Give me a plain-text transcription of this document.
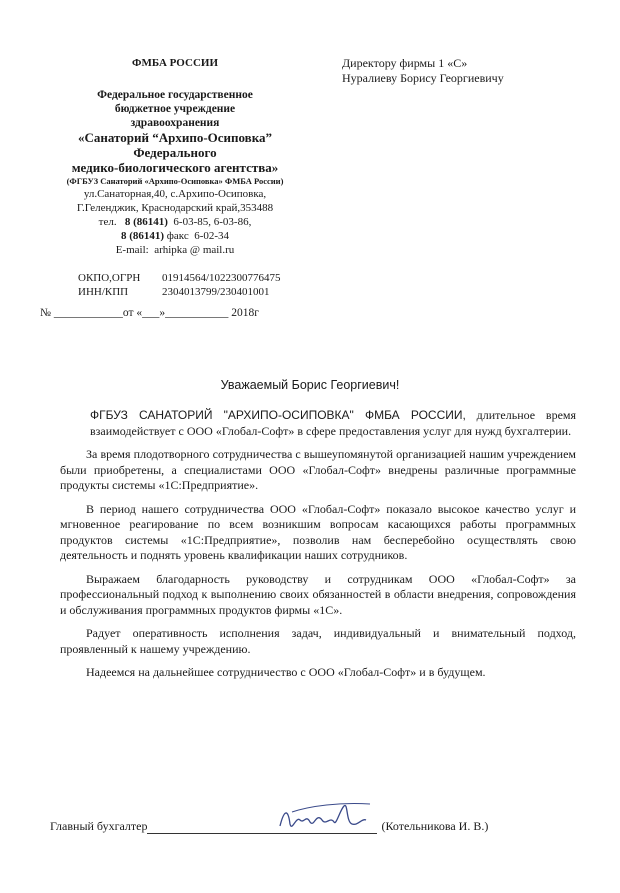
ФМБА РОССИИ
Федеральное государственное
бюджетное учреждение
здравоохранения
«Санаторий “Архипо-Осиповка”
Федерального
медико-биологического агентства»
(ФГБУЗ Санаторий «Архипо-Осиповка» ФМБА России)
ул.Санаторная,40, с.Архипо-Осиповка,
Г.Геленджик, Краснодарский край,353488
тел. 8 (86141) 6-03-85, 6-03-86,
8 (86141) факс 6-02-34
E-mail: arhipka @ mail.ru
ОКПО,ОГРН 01914564/1022300776475
ИНН/КПП	2304013799/230401001
№ ____________от «___»___________ 2018г
Директору фирмы 1 «С»
Нуралиеву Борису Георгиевичу
Уважаемый Борис Георгиевич!

ФГБУЗ САНАТОРИЙ "АРХИПО-ОСИПОВКА" ФМБА РОССИИ, длительное время взаимодействует с ООО «Глобал-Софт» в сфере предоставления услуг для нужд бухгалтерии.

За время плодотворного сотрудничества с вышеупомянутой организацией нашим учреждением были приобретены, а специалистами ООО «Глобал-Софт» внедрены различные программные продукты системы «1С:Предприятие».

В период нашего сотрудничества ООО «Глобал-Софт» показало высокое качество услуг и мгновенное реагирование по всем возникшим вопросам касающихся работы программных продуктов системы «1С:Предприятие», позволив нам бесперебойно осуществлять свою деятельность и поднять уровень квалификации наших сотрудников.

Выражаем благодарность руководству и сотрудникам ООО «Глобал-Софт» за профессиональный подход к выполнению своих обязанностей в области внедрения, сопровождения и обслуживания программных продуктов фирмы «1С».

Радует оперативность исполнения задач, индивидуальный и внимательный подход, проявленный к нашему учреждению.

Надеемся на дальнейшее сотрудничество с ООО «Глобал-Софт» и в будущем.

Главный бухгалтер	(Котельникова И. В.)
